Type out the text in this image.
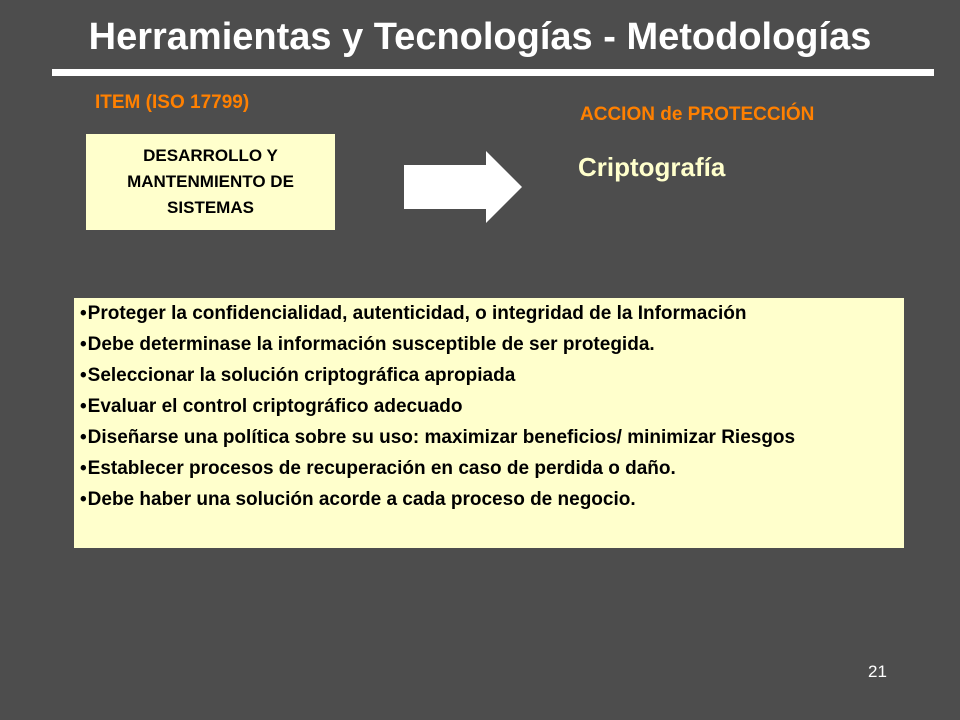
Herramientas y Tecnologías - Metodologías
ITEM (ISO 17799)
ACCION de PROTECCIÓN
DESARROLLO Y MANTENMIENTO DE SISTEMAS
Criptografía
•Proteger la confidencialidad, autenticidad, o integridad de la Información
•Debe determinase la información susceptible de ser protegida.
•Seleccionar la solución criptográfica apropiada
•Evaluar el control criptográfico adecuado
•Diseñarse una política sobre su uso: maximizar beneficios/ minimizar Riesgos
•Establecer procesos de recuperación en caso de perdida o daño.
•Debe haber una solución acorde a cada proceso de negocio.
21
